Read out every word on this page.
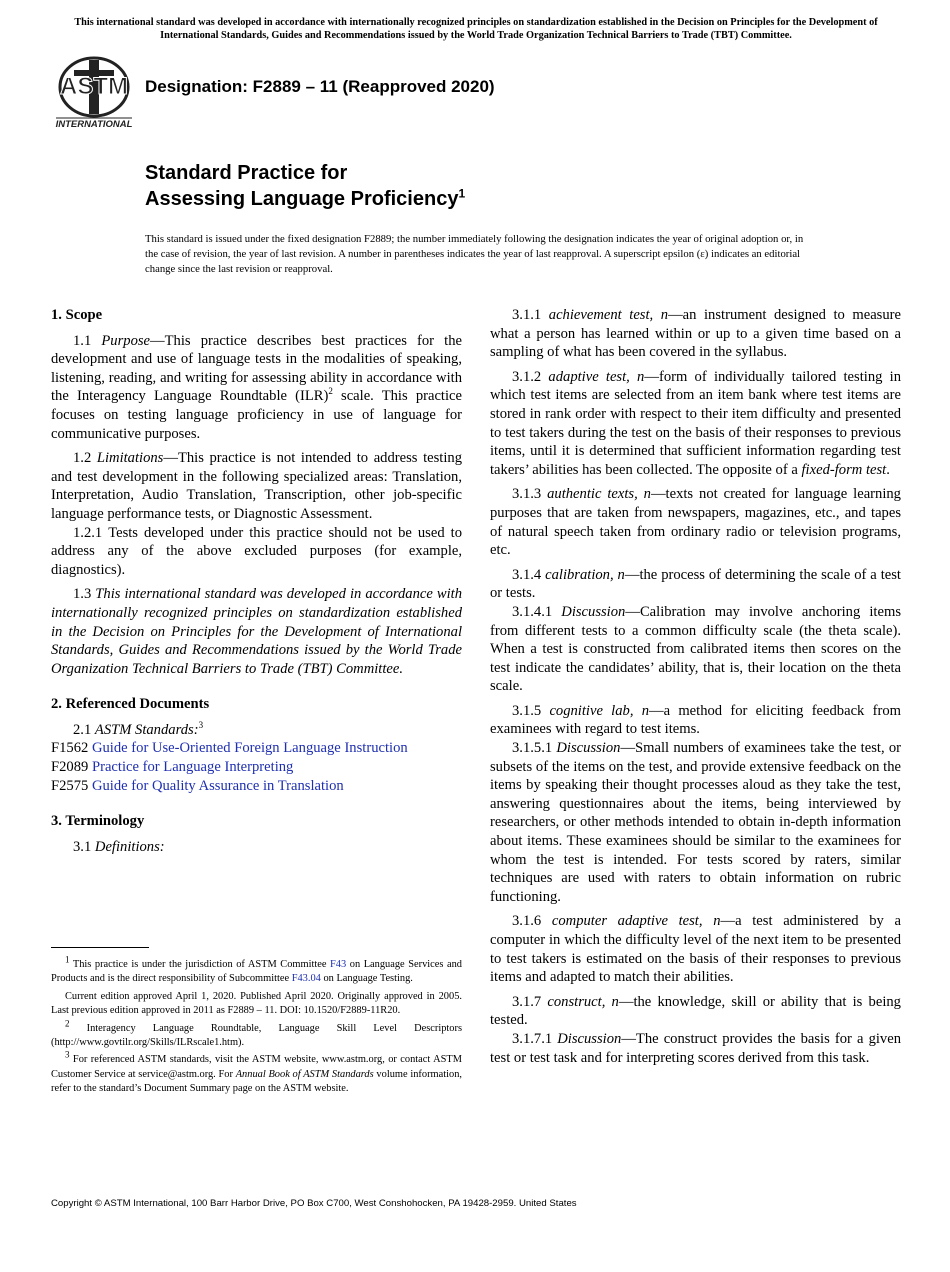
This international standard was developed in accordance with internationally recognized principles on standardization established in the Decision on Principles for the Development of International Standards, Guides and Recommendations issued by the World Trade Organization Technical Barriers to Trade (TBT) Committee.
ASTM
INTERNATIONAL
Designation: F2889 – 11 (Reapproved 2020)
Standard Practice for
Assessing Language Proficiency$^1$
This standard is issued under the fixed designation F2889; the number immediately following the designation indicates the year of original adoption or, in the case of revision, the year of last revision. A number in parentheses indicates the year of last reapproval. A superscript epsilon (ε) indicates an editorial change since the last revision or reapproval.
1. Scope

1.1 Purpose—This practice describes best practices for the development and use of language tests in the modalities of speaking, listening, reading, and writing for assessing ability in accordance with the Interagency Language Roundtable (ILR)$^2$ scale. This practice focuses on testing language proficiency in use of language for communicative purposes.

1.2 Limitations—This practice is not intended to address testing and test development in the following specialized areas: Translation, Interpretation, Audio Translation, Transcription, other job-specific language performance tests, or Diagnostic Assessment.

1.2.1 Tests developed under this practice should not be used to address any of the above excluded purposes (for example, diagnostics).

1.3 This international standard was developed in accordance with internationally recognized principles on standardization established in the Decision on Principles for the Development of International Standards, Guides and Recommendations issued by the World Trade Organization Technical Barriers to Trade (TBT) Committee.

2. Referenced Documents

2.1 ASTM Standards:$^3$

F1562 Guide for Use-Oriented Foreign Language Instruction
F2089 Practice for Language Interpreting
F2575 Guide for Quality Assurance in Translation
3. Terminology

3.1 Definitions:

$^1$ This practice is under the jurisdiction of ASTM Committee F43 on Language Services and Products and is the direct responsibility of Subcommittee F43.04 on Language Testing.

Current edition approved April 1, 2020. Published April 2020. Originally approved in 2005. Last previous edition approved in 2011 as F2889 – 11. DOI: 10.1520/F2889-11R20.

$^2$ Interagency Language Roundtable, Language Skill Level Descriptors (http://www.govtilr.org/Skills/ILRscale1.htm).

$^3$ For referenced ASTM standards, visit the ASTM website, www.astm.org, or contact ASTM Customer Service at service@astm.org. For Annual Book of ASTM Standards volume information, refer to the standard’s Document Summary page on the ASTM website.

3.1.1 achievement test, n—an instrument designed to measure what a person has learned within or up to a given time based on a sampling of what has been covered in the syllabus.

3.1.2 adaptive test, n—form of individually tailored testing in which test items are selected from an item bank where test items are stored in rank order with respect to their item difficulty and presented to test takers during the test on the basis of their responses to previous items, until it is determined that sufficient information regarding test takers’ abilities has been collected. The opposite of a fixed-form test.

3.1.3 authentic texts, n—texts not created for language learning purposes that are taken from newspapers, magazines, etc., and tapes of natural speech taken from ordinary radio or television programs, etc.

3.1.4 calibration, n—the process of determining the scale of a test or tests.

3.1.4.1 Discussion—Calibration may involve anchoring items from different tests to a common difficulty scale (the theta scale). When a test is constructed from calibrated items then scores on the test indicate the candidates’ ability, that is, their location on the theta scale.

3.1.5 cognitive lab, n—a method for eliciting feedback from examinees with regard to test items.

3.1.5.1 Discussion—Small numbers of examinees take the test, or subsets of the items on the test, and provide extensive feedback on the items by speaking their thought processes aloud as they take the test, answering questionnaires about the items, being interviewed by researchers, or other methods intended to obtain in-depth information about items. These examinees should be similar to the examinees for whom the test is intended. For tests scored by raters, similar techniques are used with raters to obtain information on rubric functioning.

3.1.6 computer adaptive test, n—a test administered by a computer in which the difficulty level of the next item to be presented to test takers is estimated on the basis of their responses to previous items and adapted to match their abilities.

3.1.7 construct, n—the knowledge, skill or ability that is being tested.

3.1.7.1 Discussion—The construct provides the basis for a given test or test task and for interpreting scores derived from this task.

Copyright © ASTM International, 100 Barr Harbor Drive, PO Box C700, West Conshohocken, PA 19428-2959. United States
